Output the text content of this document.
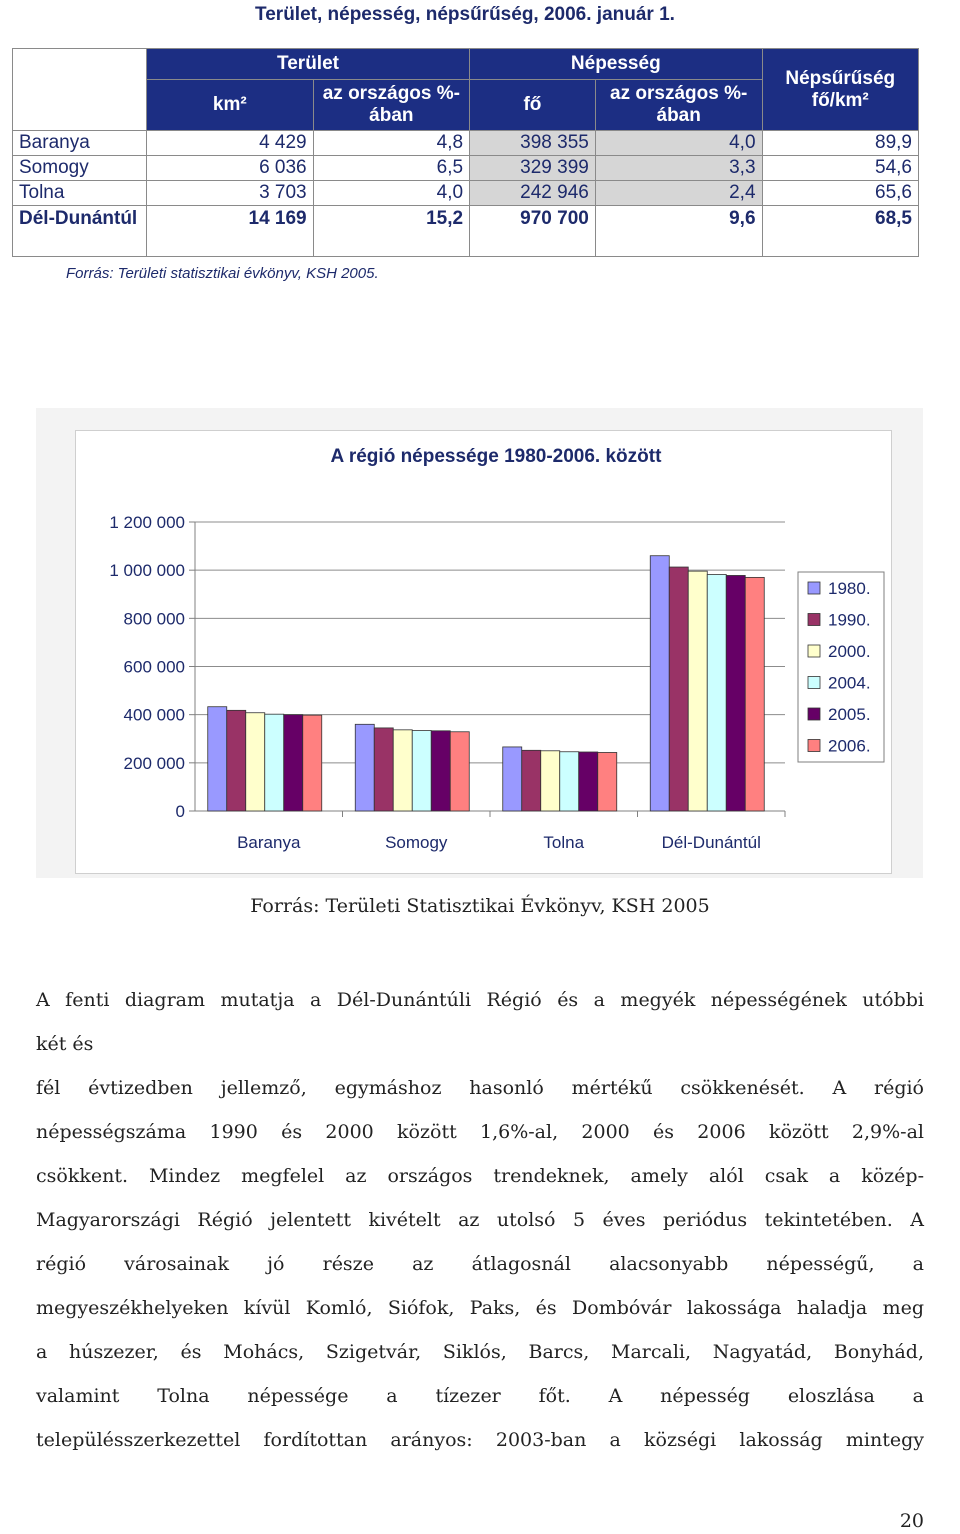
Terület, népesség, népsűrűség, 2006. január 1.
	Terület		Népesség		Népsűrűség fő/km²
	km²	az országos %-ában	fő	az országos %-ában	
Baranya	4 429	4,8	398 355	4,0	89,9
Somogy	6 036	6,5	329 399	3,3	54,6
Tolna	3 703	4,0	242 946	2,4	65,6
Dél-Dunántúl	14 169	15,2	970 700	9,6	68,5
Forrás: Területi statisztikai évkönyv, KSH 2005.
A régió népessége 1980-2006. között
0
200 000
400 000
600 000
800 000
1 000 000
1 200 000
Baranya	Somogy	Tolna	Dél-Dunántúl
1980.
1990.
2000.
2004.
2005.
2006.
Forrás: Területi Statisztikai Évkönyv, KSH 2005

A fenti diagram mutatja a Dél-Dunántúli Régió és a megyék népességének utóbbi

két és

fél évtizedben jellemző, egymáshoz hasonló mértékű csökkenését. A régió

népességszáma 1990 és 2000 között 1,6%-al, 2000 és 2006 között 2,9%-al

csökkent. Mindez megfelel az országos trendeknek, amely alól csak a közép-

Magyarországi Régió jelentett kivételt az utolsó 5 éves periódus tekintetében. A

régió városainak jó része az átlagosnál alacsonyabb népességű, a

megyeszékhelyeken kívül Komló, Siófok, Paks, és Dombóvár lakossága haladja meg

a húszezer, és Mohács, Szigetvár, Siklós, Barcs, Marcali, Nagyatád, Bonyhád,

valamint Tolna népessége a tízezer főt. A népesség eloszlása a

településszerkezettel fordítottan arányos: 2003-ban a községi lakosság mintegy

20
